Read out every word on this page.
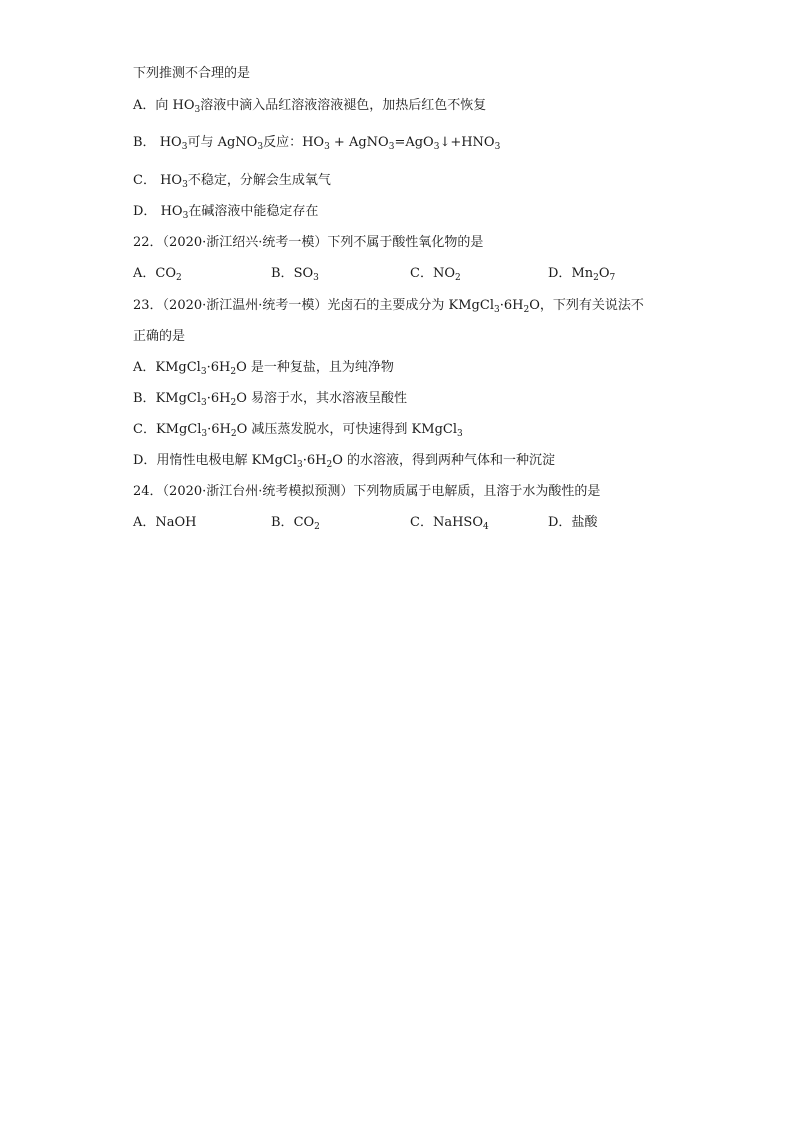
下列推测不合理的是
A．向 $HO_3$溶液中滴入品红溶液溶液褪色，加热后红色不恢复
B． $HO_3$可与 AgNO$_3$反应：$HO_3$ + $AgNO_3=AgO_3↓+HNO_3$
C． $HO_3$不稳定，分解会生成氧气
D． $HO_3$在碱溶液中能稳定存在
22．（2020·浙江绍兴·统考一模）下列不属于酸性氧化物的是
A．$CO_2$	B．$SO_3$	C．$NO_2$	D．$Mn_2O_7$
23．（2020·浙江温州·统考一模）光卤石的主要成分为 $KMgCl_3\cdot 6H_2O$，下列有关说法不
正确的是
A．$KMgCl_3\cdot 6H_2O$ 是一种复盐，且为纯净物
B．$KMgCl_3\cdot 6H_2O$ 易溶于水，其水溶液呈酸性
C．$KMgCl_3\cdot 6H_2O$ 减压蒸发脱水，可快速得到 KMgCl$_3$
D．用惰性电极电解 $KMgCl_3\cdot 6H_2O$ 的水溶液，得到两种气体和一种沉淀
24．（2020·浙江台州·统考模拟预测）下列物质属于电解质，且溶于水为酸性的是
A．NaOH	B．$CO_2$	C．NaHSO$_4$	D．盐酸
